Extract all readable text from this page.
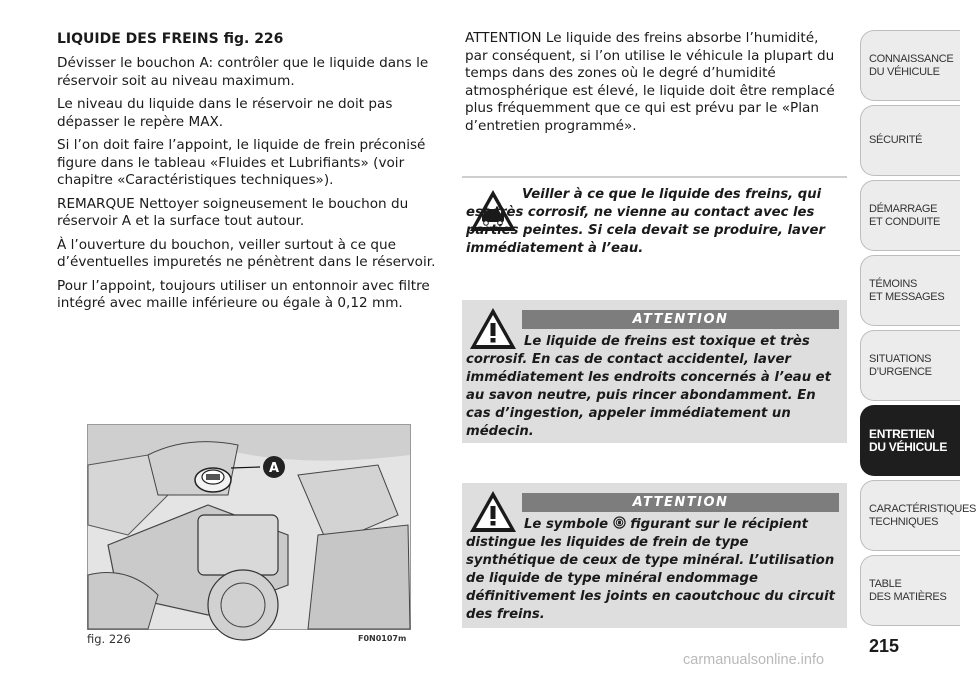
LIQUIDE DES FREINS fig. 226

Dévisser le bouchon A: contrôler que le liquide dans le réservoir soit au niveau maximum.

Le niveau du liquide dans le réservoir ne doit pas dépasser le repère MAX.

Si l’on doit faire l’appoint, le liquide de frein préconisé figure dans le tableau «Fluides et Lubrifiants» (voir chapitre «Caractéristiques techniques»).

REMARQUE Nettoyer soigneusement le bouchon du réservoir A et la surface tout autour.

À l’ouverture du bouchon, veiller surtout à ce que d’éventuelles impuretés ne pénètrent dans le réservoir.

Pour l’appoint, toujours utiliser un entonnoir avec filtre intégré avec maille inférieure ou égale à 0,12 mm.

ATTENTION Le liquide des freins absorbe l’humidité, par conséquent, si l’on utilise le véhicule la plupart du temps dans des zones où le degré d’humidité atmosphérique est élevé, le liquide doit être remplacé plus fréquemment que ce qui est prévu par le «Plan d’entretien programmé».
Veiller à ce que le liquide des freins, qui est très corrosif, ne vienne au contact avec les parties peintes. Si cela devait se produire, laver immédiatement à l’eau.
ATTENTION
Le liquide de freins est toxique et très corrosif. En cas de contact accidentel, laver immédiatement les endroits concernés à l’eau et au savon neutre, puis rincer abondamment. En cas d’ingestion, appeler immédiatement un médecin.
ATTENTION
Le symbole figurant sur le récipient distingue les liquides de frein de type synthétique de ceux de type minéral. L’utilisation de liquide de type minéral endommage définitivement les joints en caoutchouc du circuit des freins.
A
fig. 226	F0N0107m
CONNAISSANCE
DU VÉHICULE
SÉCURITÉ
DÉMARRAGE
ET CONDUITE
TÉMOINS
ET MESSAGES
SITUATIONS
D’URGENCE
ENTRETIEN
DU VÉHICULE
CARACTÉRISTIQUES
TECHNIQUES
TABLE
DES MATIÈRES
215
carmanualsonline.info
